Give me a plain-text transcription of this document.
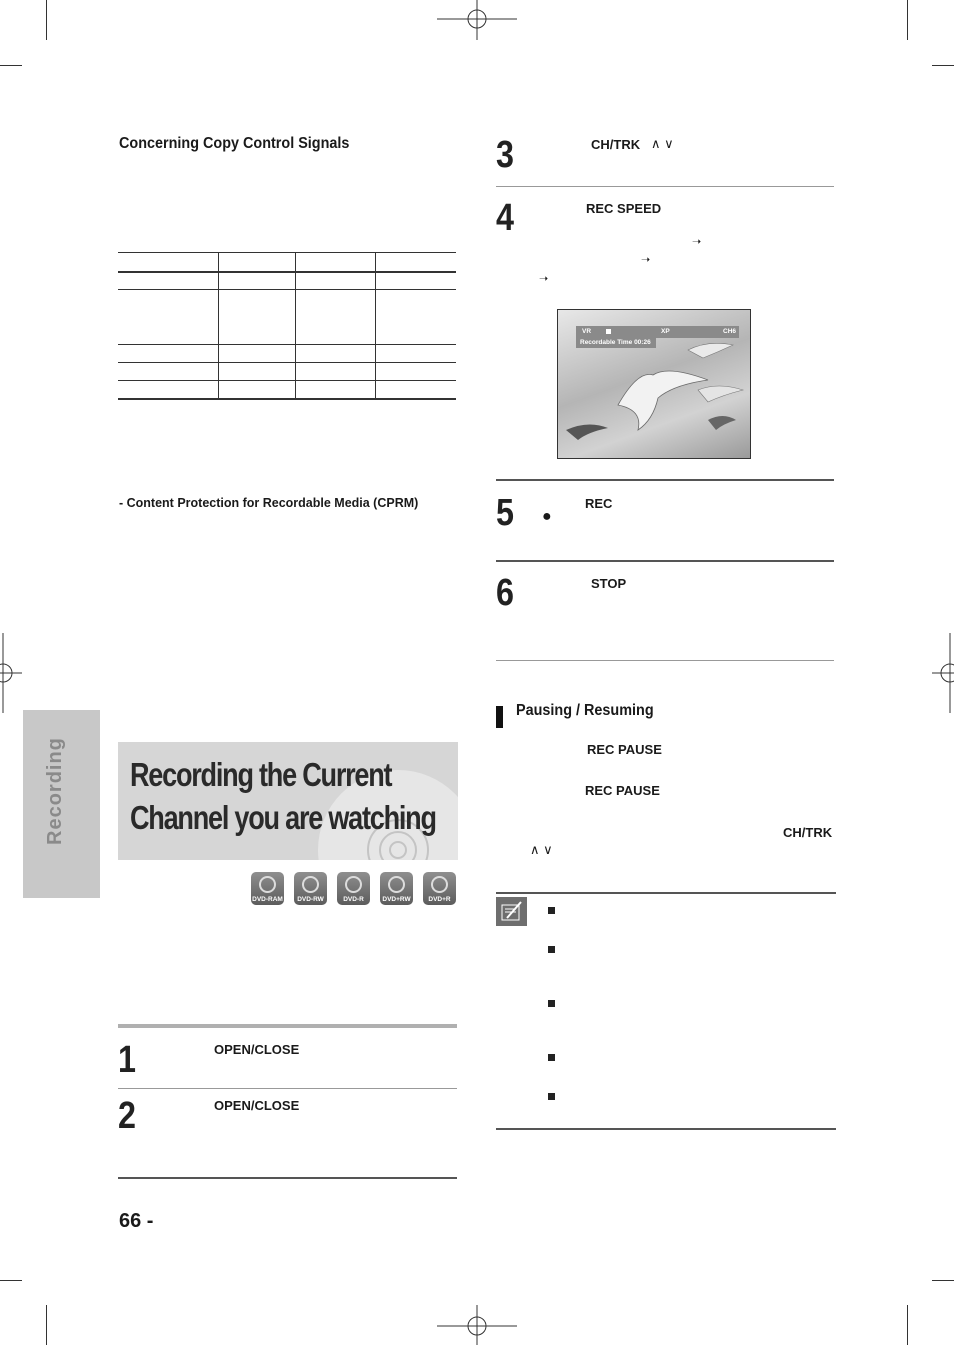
Concerning Copy Control Signals

- Content Protection for Recordable Media (CPRM)
Recording Recording the Current
Channel you are watching
DVD-RAM	DVD-RW	DVD-R	DVD+RW	DVD+R
1	OPEN/CLOSE
2	OPEN/CLOSE
66 -
3	CH/TRK ∧ ∨
4	REC SPEED
➝
➝
➝
VR	XP	CH6
Recordable Time 00:26
5 ●
REC
6	STOP
Pausing / Resuming
REC PAUSE
REC PAUSE
CH/TRK
∧ ∨
